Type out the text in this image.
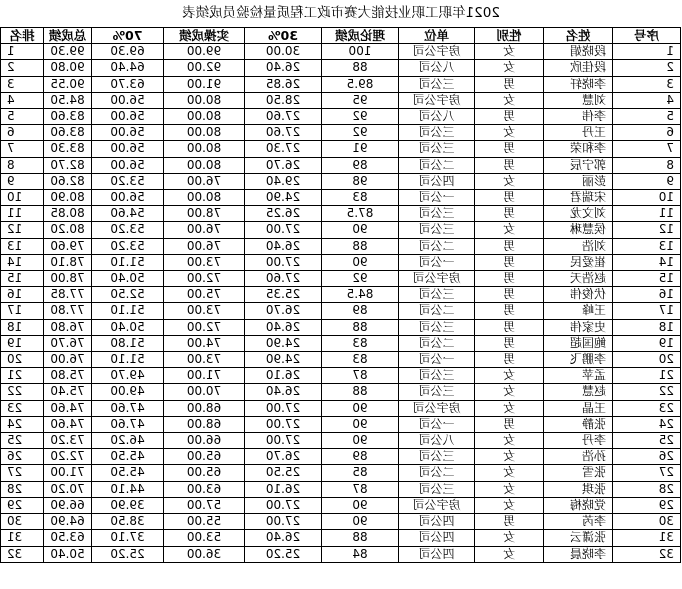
2021年职工职业技能大赛市政工程质量检验员成绩表
序号	姓名	性别	单位	理论成绩	30%	实操成绩	70%	总成绩	排名
1	段晓娟	女	房宇公司	100	30.00	99.00	69.30	99.30	1
2	段佳欣	女	八公司	88	26.40	92.00	64.40	90.80	2
3	李晓轩	男	三公司	89.5	26.85	91.00	63.70	90.55	3
4	刘慧	女	房宇公司	95	28.50	80.00	56.00	84.50	4
5	李伟	男	八公司	92	27.60	80.00	56.00	83.60	5
6	王丹	女	三公司	92	27.60	80.00	56.00	83.60	6
7	李和荣	男	三公司	91	27.30	80.00	56.00	83.30	7
8	郭宁辰	男	二公司	89	26.70	80.00	56.00	82.70	8
9	彭丽	女	四公司	98	29.40	76.00	53.20	82.60	9
10	宋瑞君	男	一公司	83	24.90	80.00	56.00	80.90	10
11	刘文龙	男	三公司	87.5	26.25	78.00	54.60	80.85	11
12	侯慧琳	女	三公司	90	27.00	76.00	53.20	80.20	12
13	刘浩	男	二公司	88	26.40	76.00	53.20	79.60	13
14	崔爱民	男	一公司	90	27.00	73.00	51.10	78.10	14
15	赵浩天	男	房宇公司	92	27.60	72.00	50.40	78.00	15
16	伏俊伟	男	三公司	84.5	25.35	75.00	52.50	77.85	16
17	王峰	男	二公司	89	26.70	73.00	51.10	77.80	17
18	史家伟	男	三公司	88	26.40	72.00	50.40	76.80	18
19	鲍国超	男	二公司	83	24.90	74.00	51.80	76.70	19
20	李鹏飞	男	一公司	83	24.90	73.00	51.10	76.00	20
21	孟苹	女	三公司	87	26.10	71.00	49.70	75.80	21
22	赵慧	女	三公司	88	26.40	70.00	49.00	75.40	22
23	王晶	女	房宇公司	90	27.00	68.00	47.60	74.60	23
24	张静	男	一公司	90	27.00	68.00	47.60	74.60	24
25	李丹	女	八公司	90	27.00	66.00	46.20	73.20	25
26	孙浩	女	三公司	89	26.70	65.00	45.50	72.20	26
27	张雪	女	二公司	85	25.50	65.00	45.50	71.00	27
28	张琪	女	三公司	87	26.10	63.00	44.10	70.20	28
29	党晓梅	女	房宇公司	90	27.00	57.00	39.90	66.90	29
30	李芮	男	四公司	90	27.00	55.00	38.50	64.90	30
31	张潇云	女	四公司	88	26.40	53.00	37.10	63.50	31
32	李晓晨	女	四公司	84	25.20	36.00	25.20	50.40	32
